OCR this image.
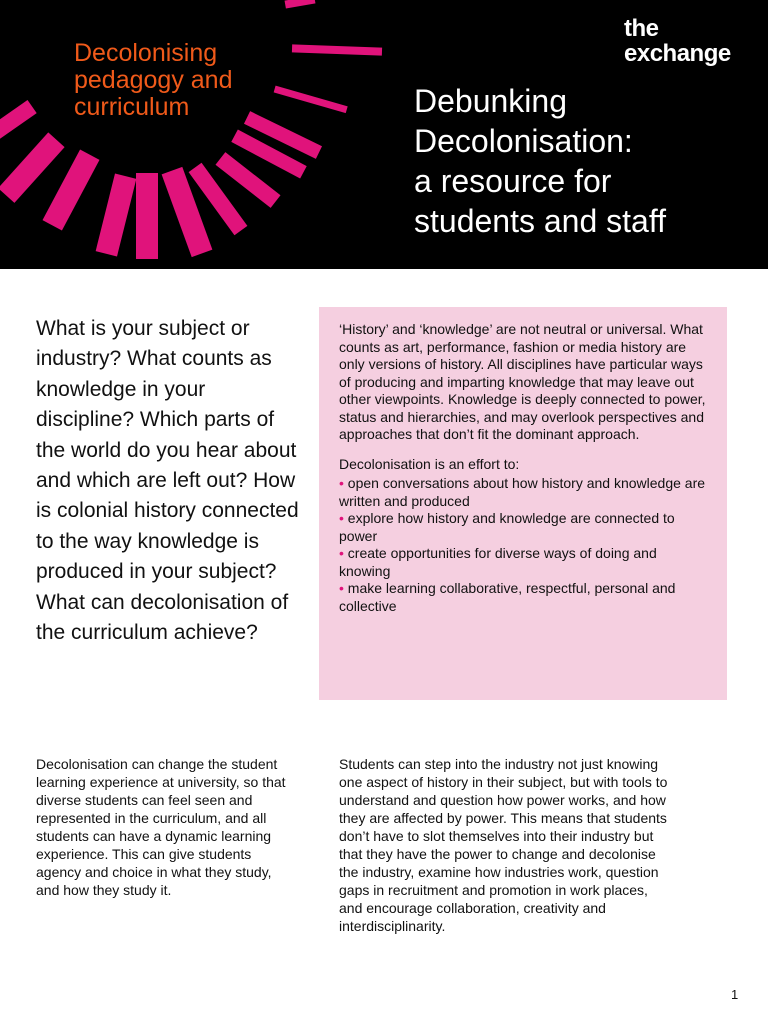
Decolonising pedagogy and curriculum
the
exchange
Debunking
Decolonisation:
a resource for
students and staff
What is your subject or industry? What counts as knowledge in your discipline? Which parts of the world do you hear about and which are left out? How is colonial history connected to the way knowledge is produced in your subject? What can decolonisation of the curriculum achieve?

‘History’ and ‘knowledge’ are not neutral or universal. What counts as art, performance, fashion or media history are only versions of history. All disciplines have particular ways of producing and imparting knowledge that may leave out other viewpoints. Knowledge is deeply connected to power, status and hierarchies, and may overlook perspectives and approaches that don’t fit the dominant approach.

Decolonisation is an effort to:

• open conversations about how history and knowledge are written and produced

• explore how history and knowledge are connected to power

• create opportunities for diverse ways of doing and knowing

• make learning collaborative, respectful, personal and collective

Decolonisation can change the student learning experience at university, so that diverse students can feel seen and represented in the curriculum, and all students can have a dynamic learning experience. This can give students agency and choice in what they study, and how they study it.
Students can step into the industry not just knowing one aspect of history in their subject, but with tools to understand and question how power works, and how they are affected by power. This means that students don’t have to slot themselves into their industry but that they have the power to change and decolonise the industry, examine how industries work, question gaps in recruitment and promotion in work places, and encourage collaboration, creativity and interdisciplinarity.
1
